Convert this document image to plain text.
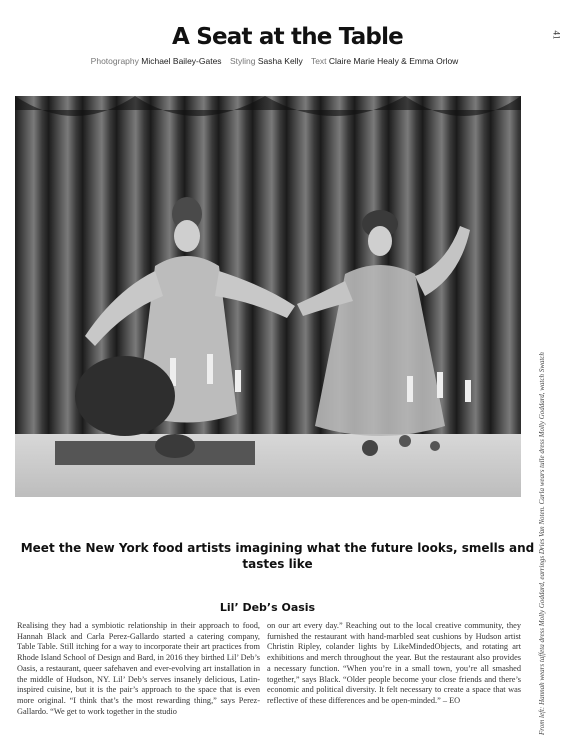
41
A Seat at the Table
Photography Michael Bailey-Gates Styling Sasha Kelly Text Claire Marie Healy & Emma Orlow
From left: Hannah wears taffeta dress Molly Goddard, earrings Dries Van Noten. Carla wears tulle dress Molly Goddard, watch Swatch
Meet the New York food artists imagining what the future looks, smells and tastes like
Lil’ Deb’s Oasis
Realising they had a symbiotic relationship in their approach to food, Hannah Black and Carla Perez-Gallardo started a catering company, Table Table. Still itching for a way to incorporate their art practices from Rhode Island School of Design and Bard, in 2016 they birthed Lil’ Deb’s Oasis, a restaurant, queer safehaven and ever-evolving art installation in the middle of Hudson, NY. Lil’ Deb’s serves insanely delicious, Latin-inspired cuisine, but it is the pair’s approach to the space that is even more original. “I think that’s the most rewarding thing,” says Perez-Gallardo. “We get to work together in the studio
on our art every day.” Reaching out to the local creative community, they furnished the restaurant with hand-marbled seat cushions by Hudson artist Christin Ripley, colander lights by LikeMindedObjects, and rotating art exhibitions and merch throughout the year. But the restaurant also provides a necessary function. “When you’re in a small town, you’re all smashed together,” says Black. “Older people become your close friends and there’s economic and political diversity. It felt necessary to create a space that was reflective of these differences and be open-minded.” – EO
